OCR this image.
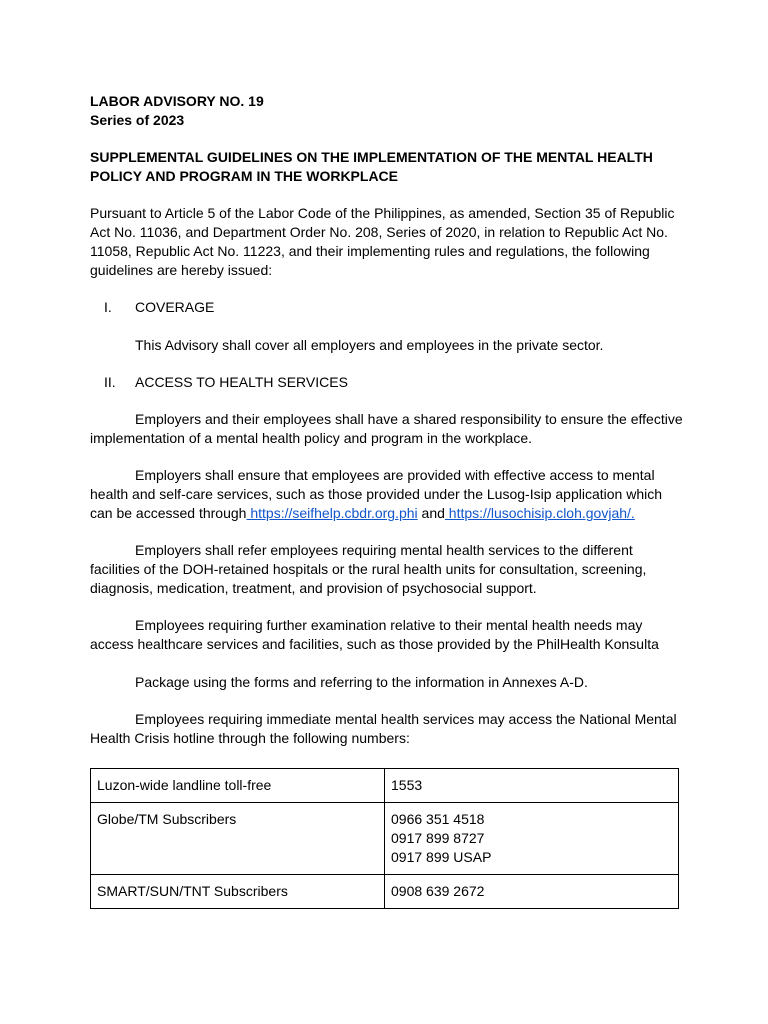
LABOR ADVISORY NO. 19
Series of 2023
SUPPLEMENTAL GUIDELINES ON THE IMPLEMENTATION OF THE MENTAL HEALTH
POLICY AND PROGRAM IN THE WORKPLACE
Pursuant to Article 5 of the Labor Code of the Philippines, as amended, Section 35 of Republic
Act No. 11036, and Department Order No. 208, Series of 2020, in relation to Republic Act No.
11058, Republic Act No. 11223, and their implementing rules and regulations, the following
guidelines are hereby issued:
I. COVERAGE
This Advisory shall cover all employers and employees in the private sector.
II. ACCESS TO HEALTH SERVICES
Employers and their employees shall have a shared responsibility to ensure the effective
implementation of a mental health policy and program in the workplace.
Employers shall ensure that employees are provided with effective access to mental
health and self-care services, such as those provided under the Lusog-Isip application which
can be accessed through https://seifhelp.cbdr.org.phi and https://lusochisip.cloh.govjah/.
Employers shall refer employees requiring mental health services to the different
facilities of the DOH-retained hospitals or the rural health units for consultation, screening,
diagnosis, medication, treatment, and provision of psychosocial support.
Employees requiring further examination relative to their mental health needs may
access healthcare services and facilities, such as those provided by the PhilHealth Konsulta
Package using the forms and referring to the information in Annexes A-D.
Employees requiring immediate mental health services may access the National Mental
Health Crisis hotline through the following numbers:
Luzon-wide landline toll-free	1553

Globe/TM Subscribers	0966 351 4518
0917 899 8727
0917 899 USAP

SMART/SUN/TNT Subscribers	0908 639 2672
